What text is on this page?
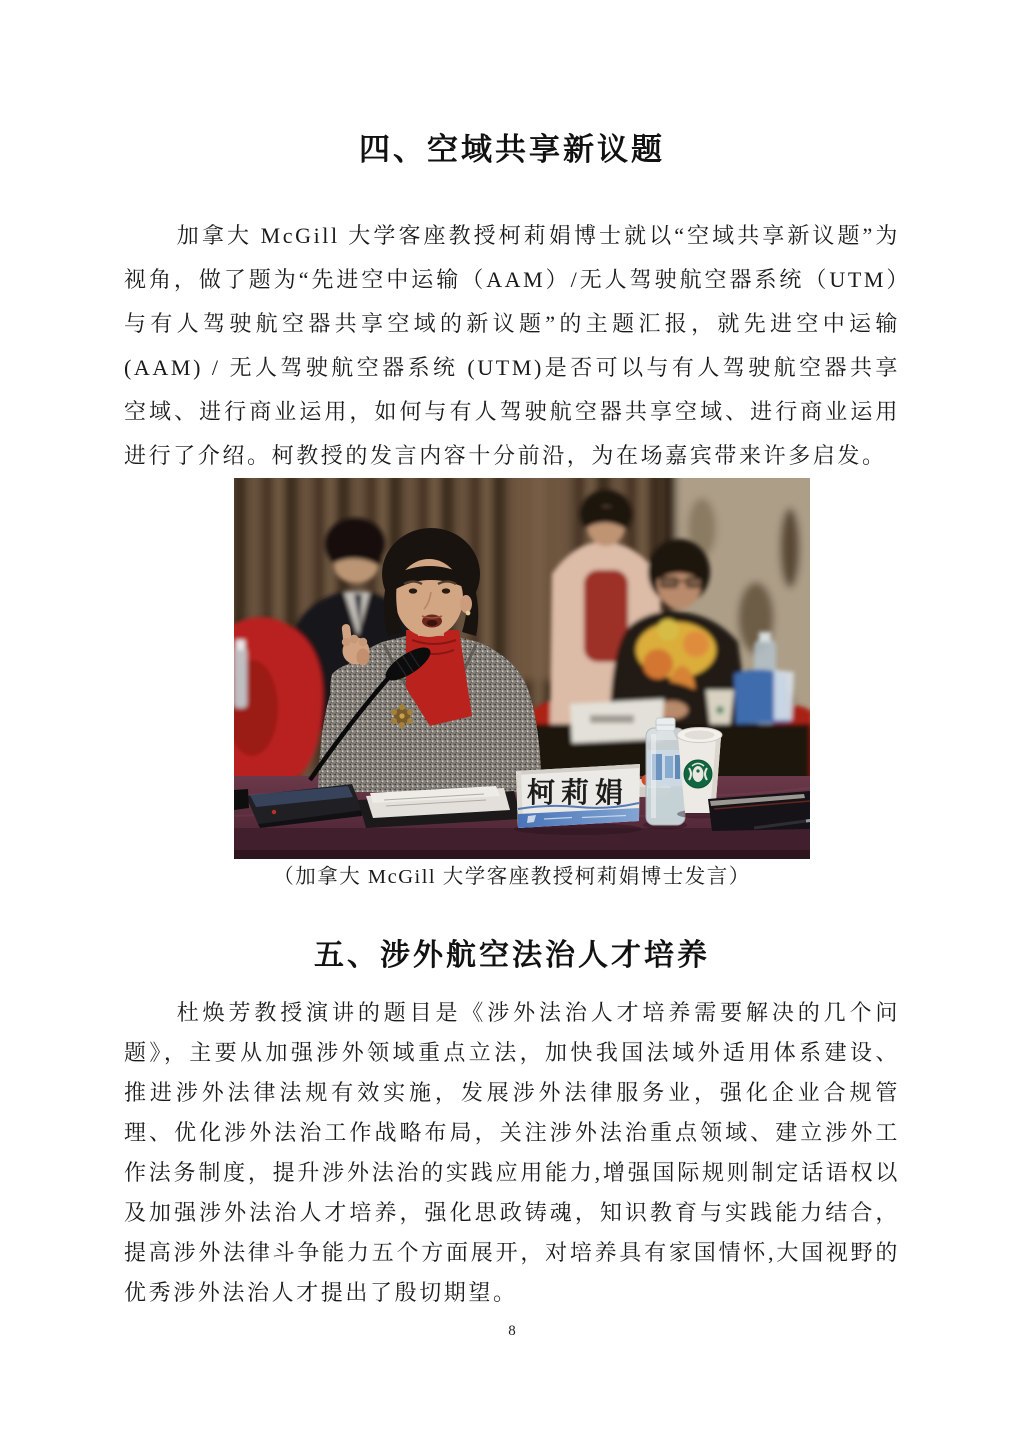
四、空域共享新议题

加拿大 McGill 大学客座教授柯莉娟博士就以“空域共享新议题”为视角，做了题为“先进空中运输（AAM）/无人驾驶航空器系统（UTM）与有人驾驶航空器共享空域的新议题”的主题汇报，就先进空中运输(AAM) / 无人驾驶航空器系统 (UTM)是否可以与有人驾驶航空器共享空域、进行商业运用，如何与有人驾驶航空器共享空域、进行商业运用进行了介绍。柯教授的发言内容十分前沿，为在场嘉宾带来许多启发。

柯莉娟
（加拿大 McGill 大学客座教授柯莉娟博士发言）
五、涉外航空法治人才培养

杜焕芳教授演讲的题目是《涉外法治人才培养需要解决的几个问题》，主要从加强涉外领域重点立法，加快我国法域外适用体系建设、推进涉外法律法规有效实施，发展涉外法律服务业，强化企业合规管理、优化涉外法治工作战略布局，关注涉外法治重点领域、建立涉外工作法务制度，提升涉外法治的实践应用能力,增强国际规则制定话语权以及加强涉外法治人才培养，强化思政铸魂，知识教育与实践能力结合，提高涉外法律斗争能力五个方面展开，对培养具有家国情怀,大国视野的优秀涉外法治人才提出了殷切期望。

8
